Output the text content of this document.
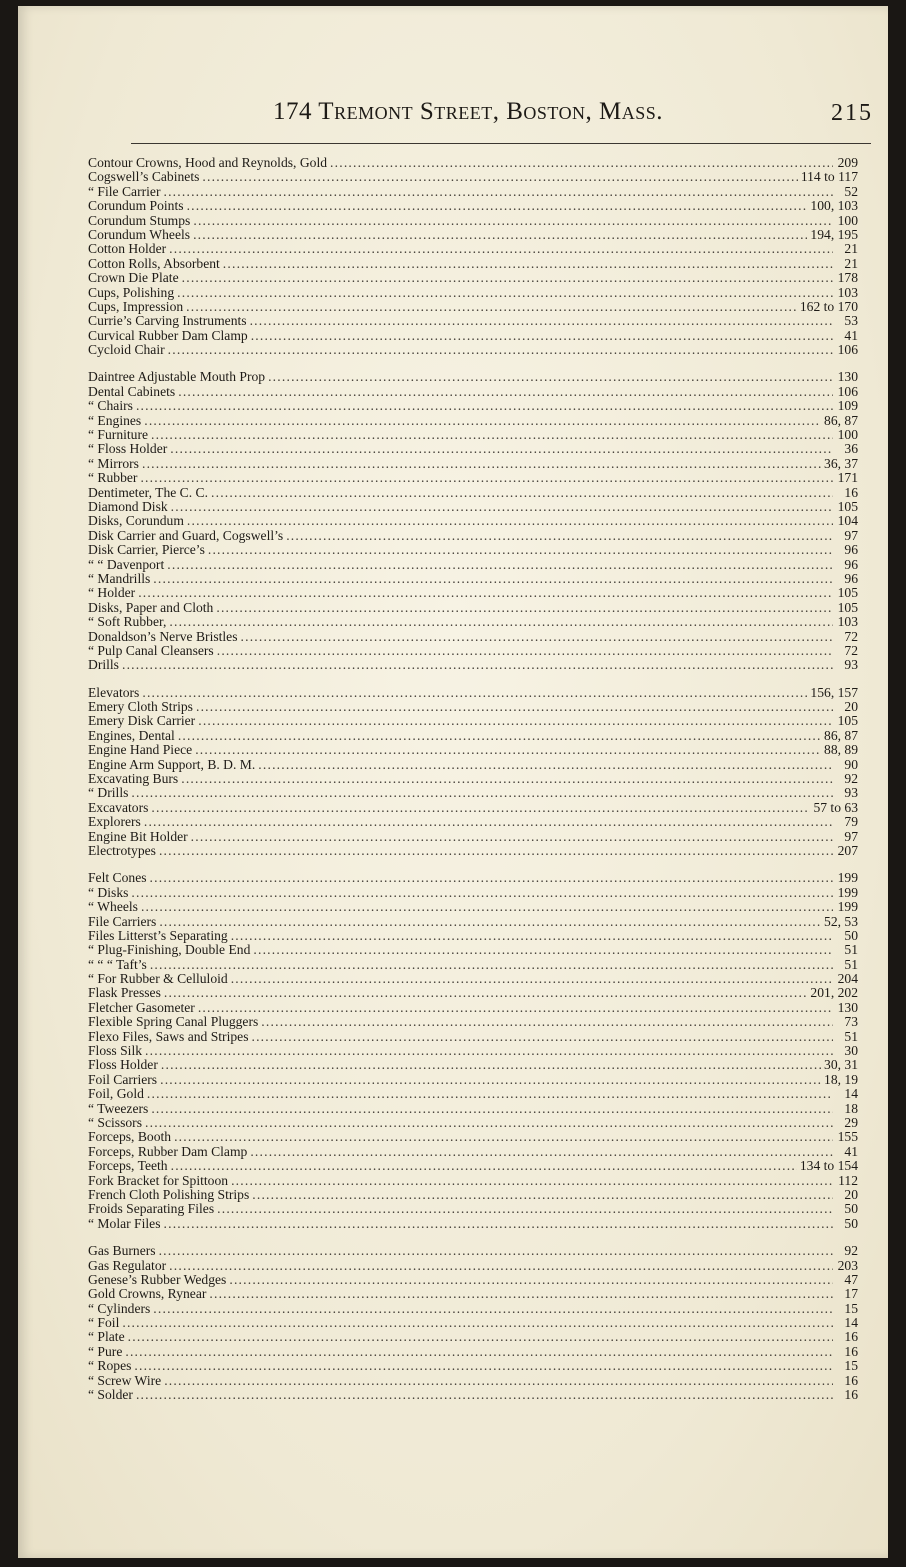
174 Tremont Street, Boston, Mass.	215
Contour Crowns, Hood and Reynolds, Gold .....	209
Cogswell’s Cabinets .....	114 to 117
“ File Carrier .....	52
Corundum Points .....	100, 103
Corundum Stumps .....	100
Corundum Wheels .....	194, 195
Cotton Holder .....	21
Cotton Rolls, Absorbent .....	21
Crown Die Plate .....	178
Cups, Polishing .....	103
Cups, Impression .....	162 to 170
Currie’s Carving Instruments .....	53
Curvical Rubber Dam Clamp .....	41
Cycloid Chair .....	106
Daintree Adjustable Mouth Prop .....	130
Dental Cabinets .....	106
“ Chairs .....	109
“ Engines .....	86, 87
“ Furniture .....	100
“ Floss Holder .....	36
“ Mirrors .....	36, 37
“ Rubber .....	171
Dentimeter, The C. C. .....	16
Diamond Disk .....	105
Disks, Corundum .....	104
Disk Carrier and Guard, Cogswell’s .....	97
Disk Carrier, Pierce’s .....	96
“ “ Davenport .....	96
“ Mandrills .....	96
“ Holder .....	105
Disks, Paper and Cloth .....	105
“ Soft Rubber, .....	103
Donaldson’s Nerve Bristles .....	72
“ Pulp Canal Cleansers .....	72
Drills .....	93
Elevators .....	156, 157
Emery Cloth Strips .....	20
Emery Disk Carrier .....	105
Engines, Dental .....	86, 87
Engine Hand Piece .....	88, 89
Engine Arm Support, B. D. M. .....	90
Excavating Burs .....	92
“ Drills .....	93
Excavators .....	57 to 63
Explorers .....	79
Engine Bit Holder .....	97
Electrotypes .....	207
Felt Cones .....	199
“ Disks .....	199
“ Wheels .....	199
File Carriers .....	52, 53
Files Litterst’s Separating .....	50
“ Plug-Finishing, Double End .....	51
“ “ “ Taft’s .....	51
“ For Rubber & Celluloid .....	204
Flask Presses .....	201, 202
Fletcher Gasometer .....	130
Flexible Spring Canal Pluggers .....	73
Flexo Files, Saws and Stripes .....	51
Floss Silk .....	30
Floss Holder .....	30, 31
Foil Carriers .....	18, 19
Foil, Gold .....	14
“ Tweezers .....	18
“ Scissors .....	29
Forceps, Booth .....	155
Forceps, Rubber Dam Clamp .....	41
Forceps, Teeth .....	134 to 154
Fork Bracket for Spittoon .....	112
French Cloth Polishing Strips .....	20
Froids Separating Files .....	50
“ Molar Files .....	50
Gas Burners .....	92
Gas Regulator .....	203
Genese’s Rubber Wedges .....	47
Gold Crowns, Rynear .....	17
“ Cylinders .....	15
“ Foil .....	14
“ Plate .....	16
“ Pure .....	16
“ Ropes .....	15
“ Screw Wire .....	16
“ Solder .....	16
